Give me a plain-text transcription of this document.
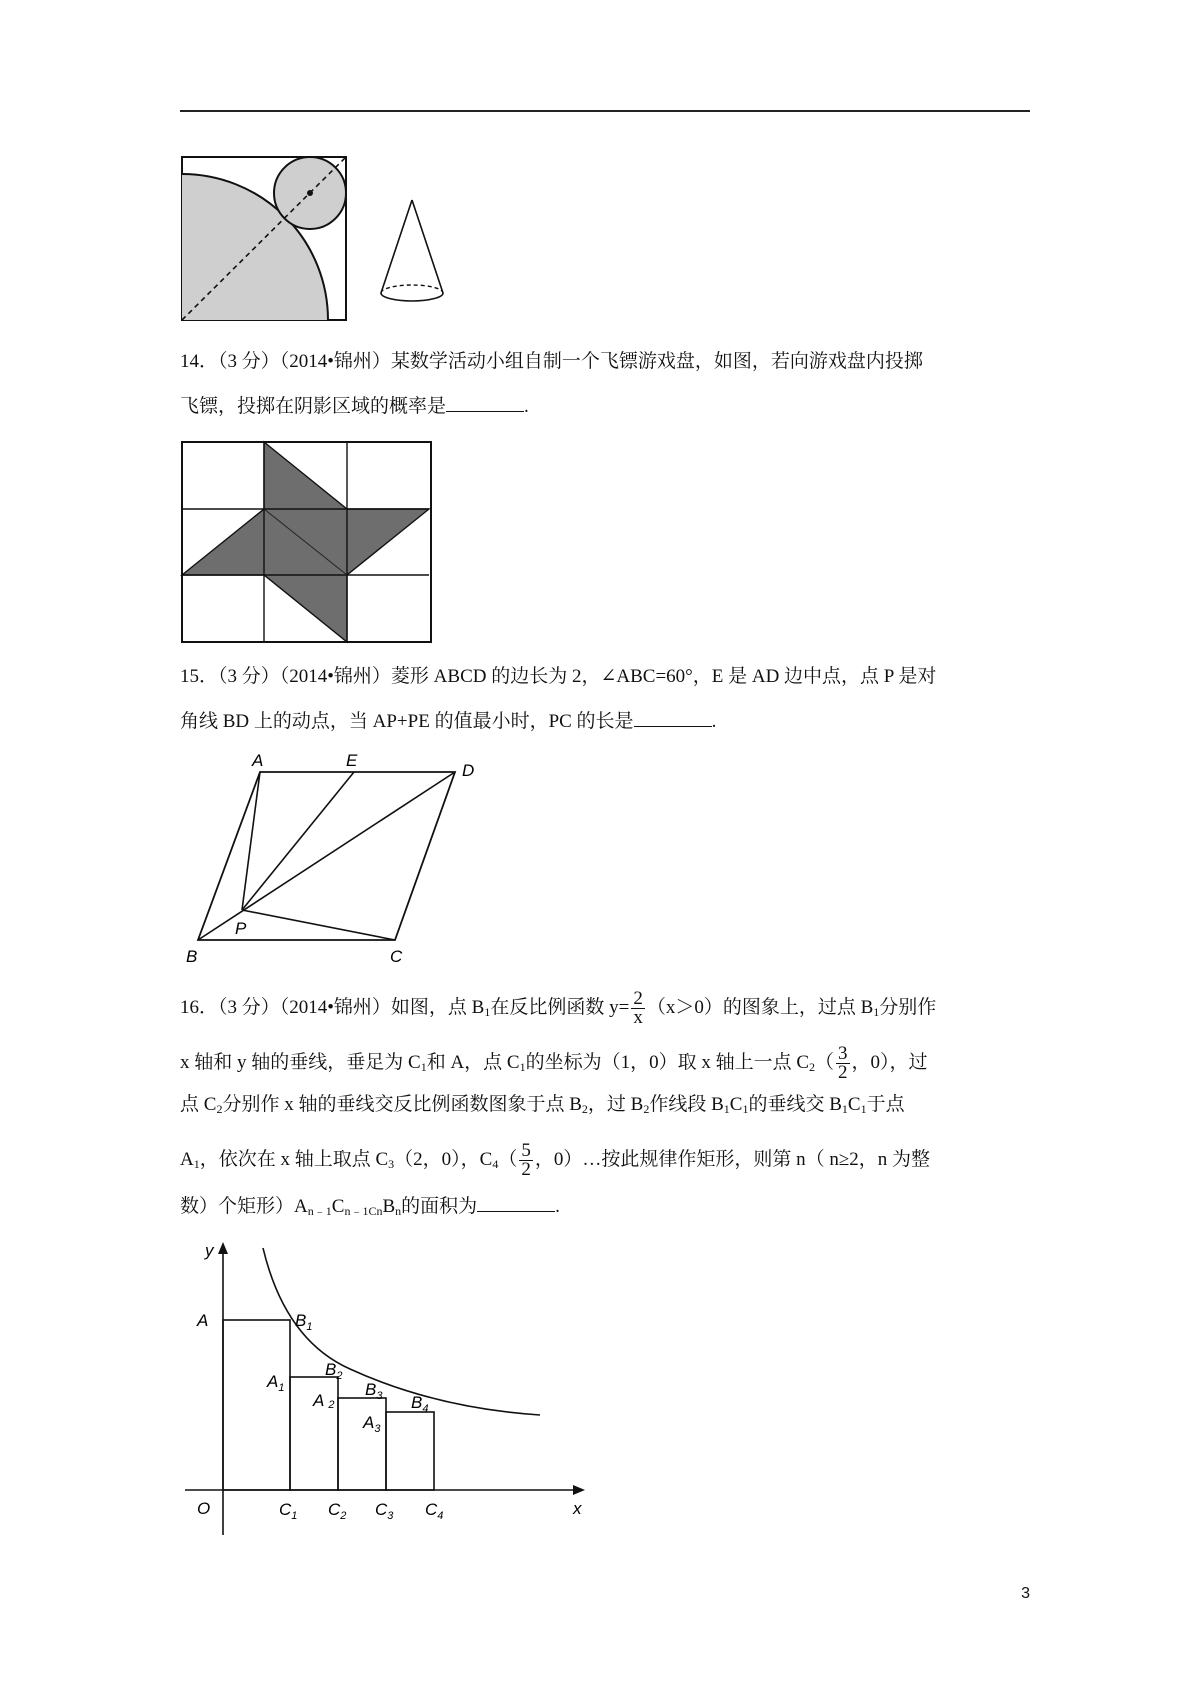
14．（3 分）（2014•锦州）某数学活动小组自制一个飞镖游戏盘，如图，若向游戏盘内投掷
飞镖，投掷在阴影区域的概率是	.
15．（3 分）（2014•锦州）菱形 ABCD 的边长为 2，∠ABC=60°，E 是 AD 边中点，点 P 是对
角线 BD 上的动点，当 AP+PE 的值最小时，PC 的长是	.
A	E
D
B	C
P
16．（3 分）（2014•锦州）如图，点 $B_1$在反比例函数 $y= \frac{2}{x} (x>0)$的图象上，过点 $B_1$分别作
x 轴和 y 轴的垂线，垂足为 $C_1$和 A，点 $C_1$的坐标为（1，0）取 x 轴上一点 $C_2( \frac{3}{2}$ ，0），过
点 $C_2$分别作 x 轴的垂线交反比例函数图象于点 $B_2$，过 $B_2$作线段 $B_1C_1$的垂线交 $B_1C_1$于点
$A_1$，依次在 x 轴上取点 $C_3(2$，0），$C_4( \frac{5}{2}$ ，0）…按此规律作矩形，则第 n（ n≥2，n 为整
数）个矩形）$A_{n﹣1}C_{n﹣1Cn}B_n$的面积为	.
y
x
O
A	$B_1$
$B_2$
$B_3$ $B_4$
$A_1$
A 2
$A_3$
$C_1$ $C_2$ $C_3$ $C_4$
3
